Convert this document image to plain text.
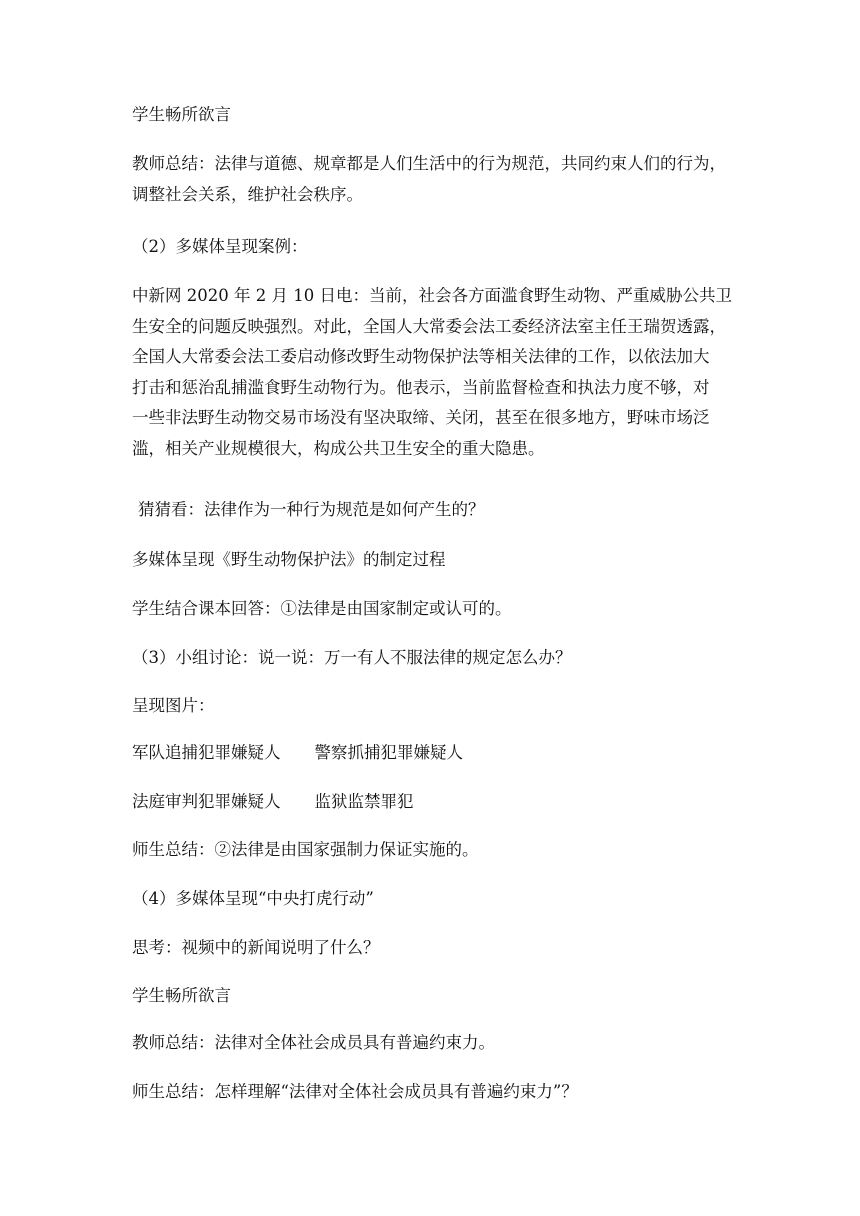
学生畅所欲言
教师总结：法律与道德、规章都是人们生活中的行为规范，共同约束人们的行为，
调整社会关系，维护社会秩序。
（2）多媒体呈现案例：
中新网 2020 年 2 月 10 日电：当前，社会各方面滥食野生动物、严重威胁公共卫
生安全的问题反映强烈。对此，全国人大常委会法工委经济法室主任王瑞贺透露，
全国人大常委会法工委启动修改野生动物保护法等相关法律的工作，以依法加大
打击和惩治乱捕滥食野生动物行为。他表示，当前监督检查和执法力度不够，对
一些非法野生动物交易市场没有坚决取缔、关闭，甚至在很多地方，野味市场泛
滥，相关产业规模很大，构成公共卫生安全的重大隐患。
猜猜看：法律作为一种行为规范是如何产生的？
多媒体呈现《野生动物保护法》的制定过程
学生结合课本回答：①法律是由国家制定或认可的。
（3）小组讨论：说一说：万一有人不服法律的规定怎么办？
呈现图片：
军队追捕犯罪嫌疑人 警察抓捕犯罪嫌疑人
法庭审判犯罪嫌疑人 监狱监禁罪犯
师生总结：②法律是由国家强制力保证实施的。
（4）多媒体呈现“中央打虎行动”
思考：视频中的新闻说明了什么？
学生畅所欲言
教师总结：法律对全体社会成员具有普遍约束力。
师生总结：怎样理解“法律对全体社会成员具有普遍约束力”？
